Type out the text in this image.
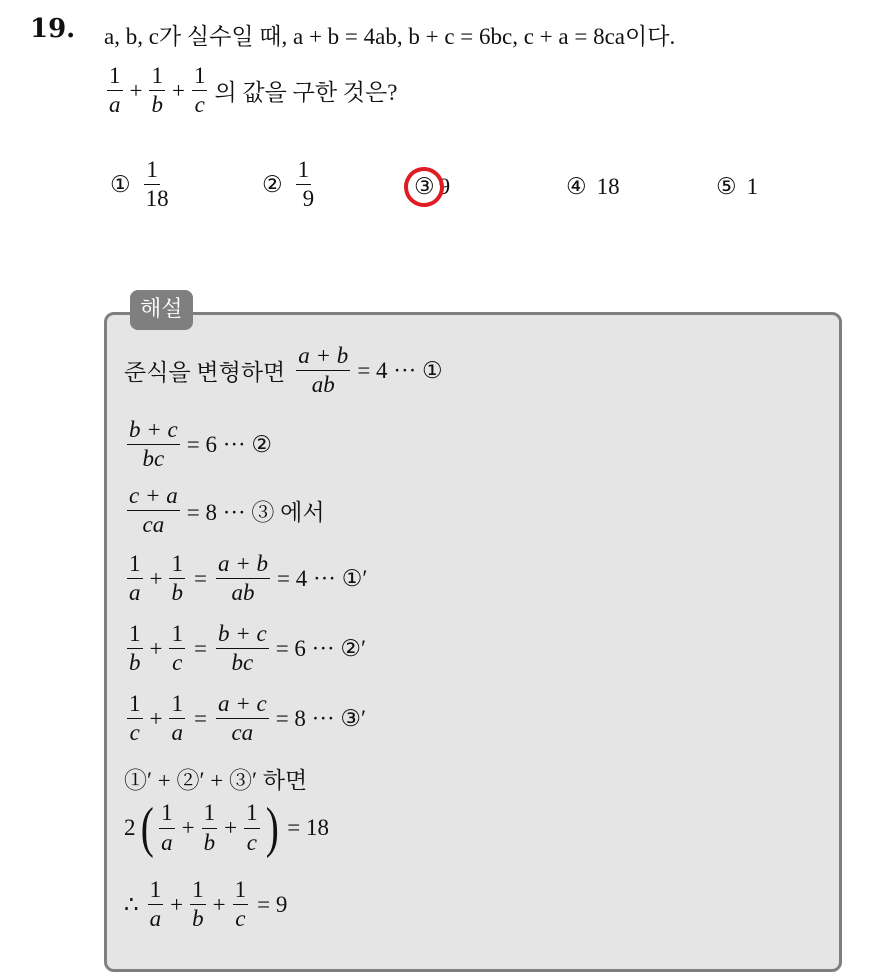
19. a, b, c가 실수일 때, a + b = 4ab, b + c = 6bc, c + a = 8ca이다.
$\frac{1}{a} + \frac{1}{b} + \frac{1}{c}$ 의 값을 구한 것은?
① $\frac{1}{18}$	② $\frac{1}{9}$	③ 9	④ 18	⑤ 1
해설
준식을 변형하면 $\frac{a + b}{ab} = 4$ ··· ①
$\frac{b + c}{bc} = 6$ ··· ②
$\frac{c + a}{ca} = 8$ ··· ③ 에서
$\frac{1}{a} + \frac{1}{b} = \frac{a + b}{ab} = 4$ ··· ①′
$\frac{1}{b} + \frac{1}{c} = \frac{b + c}{bc} = 6$ ··· ②′
$\frac{1}{c} + \frac{1}{a} = \frac{a + c}{ca} = 8$ ··· ③′
①′ + ②′ + ③′ 하면
2 ( $\frac{1}{a} + \frac{1}{b} + \frac{1}{c}$ ) = 18
∴ $\frac{1}{a} + \frac{1}{b} + \frac{1}{c} = 9$
